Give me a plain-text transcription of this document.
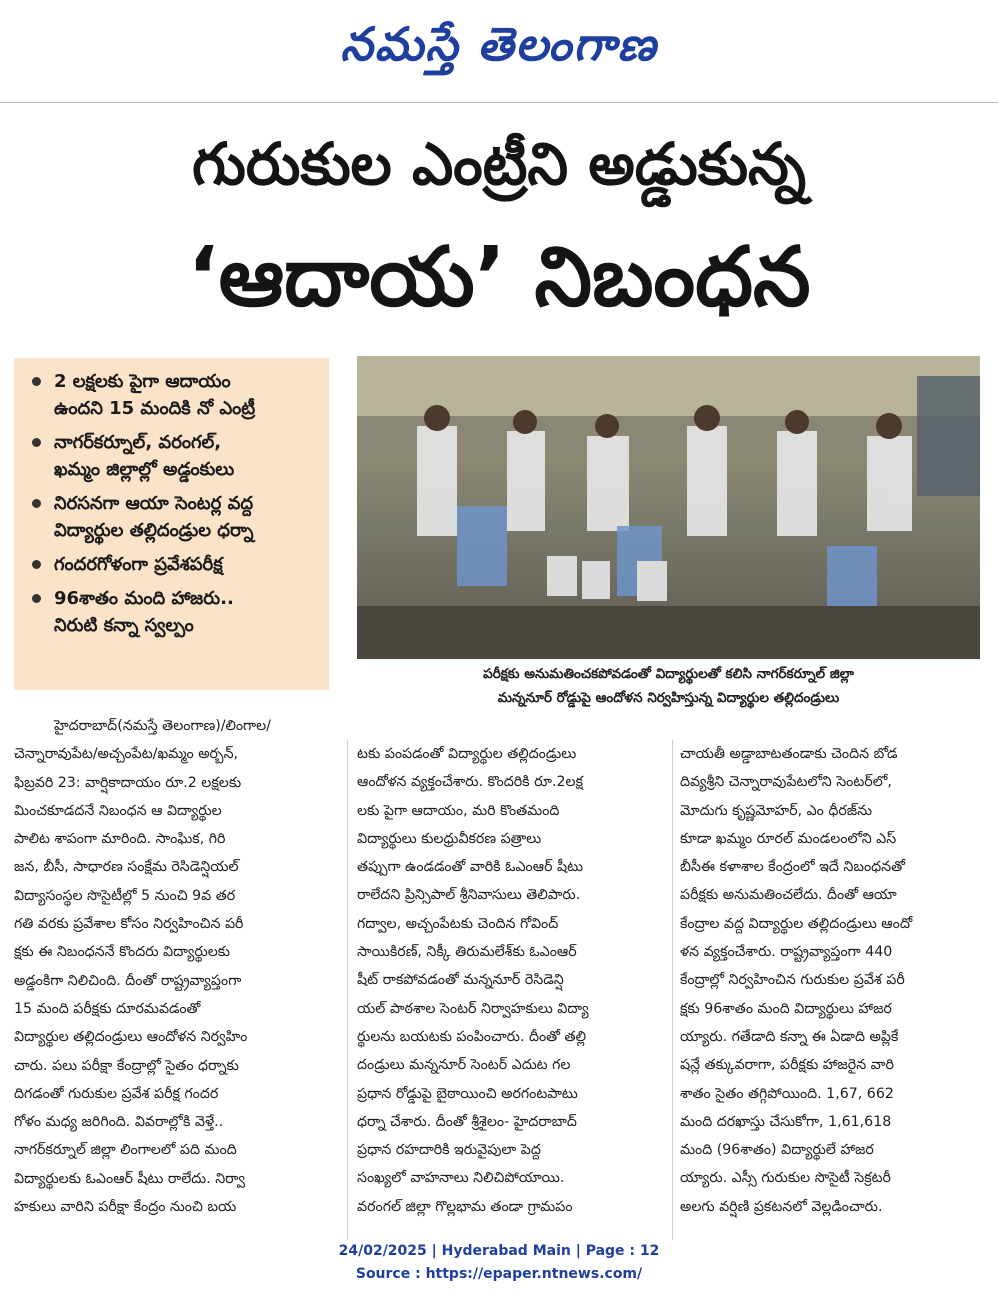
నమస్తే తెలంగాణ
గురుకుల ఎంట్రీని అడ్డుకున్న
‘ఆదాయ’ నిబంధన
2 లక్షలకు పైగా ఆదాయం
ఉందని 15 మందికి నో ఎంట్రీ
నాగర్‌కర్నూల్, వరంగల్,
ఖమ్మం జిల్లాల్లో అడ్డంకులు
నిరసనగా ఆయా సెంటర్ల వద్ద
విద్యార్థుల తల్లిదండ్రుల ధర్నా
గందరగోళంగా ప్రవేశపరీక్ష
96శాతం మంది హాజరు..
నిరుటి కన్నా స్వల్పం
పరీక్షకు అనుమతించకపోవడంతో విద్యార్థులతో కలిసి నాగర్‌కర్నూల్ జిల్లా
మన్ననూర్ రోడ్డుపై ఆందోళన నిర్వహిస్తున్న విద్యార్థుల తల్లిదండ్రులు

హైదరాబాద్(నమస్తే తెలంగాణ)/లింగాల/

చెన్నారావుపేట/అచ్చంపేట/ఖమ్మం అర్బన్,

ఫిబ్రవరి 23: వార్షికాదాయం రూ.2 లక్షలకు

మించకూడదనే నిబంధన ఆ విద్యార్థుల

పాలిట శాపంగా మారింది. సాంఘిక, గిరి

జన, బీసీ, సాధారణ సంక్షేమ రెసిడెన్షియల్

విద్యాసంస్థల సొసైటీల్లో 5 నుంచి 9వ తర

గతి వరకు ప్రవేశాల కోసం నిర్వహించిన పరీ

క్షకు ఈ నిబంధననే కొందరు విద్యార్థులకు

అడ్డంకిగా నిలిచింది. దీంతో రాష్ట్రవ్యాప్తంగా

15 మంది పరీక్షకు దూరమవడంతో

విద్యార్థుల తల్లిదండ్రులు ఆందోళన నిర్వహిం

చారు. పలు పరీక్షా కేంద్రాల్లో సైతం ధర్నాకు

దిగడంతో గురుకుల ప్రవేశ పరీక్ష గందర

గోళం మధ్య జరిగింది. వివరాల్లోకి వెళ్తే..

నాగర్‌కర్నూల్ జిల్లా లింగాలలో పది మంది

విద్యార్థులకు ఓఎంఆర్ షీటు రాలేదు. నిర్వా

హకులు వారిని పరీక్షా కేంద్రం నుంచి బయ

టకు పంపడంతో విద్యార్థుల తల్లిదండ్రులు

ఆందోళన వ్యక్తంచేశారు. కొందరికి రూ.2లక్ష

లకు పైగా ఆదాయం, మరి కొంతమంది

విద్యార్థులు కులధ్రువీకరణ పత్రాలు

తప్పుగా ఉండడంతో వారికి ఓఎంఆర్ షీటు

రాలేదని ప్రిన్సిపాల్ శ్రీనివాసులు తెలిపారు.

గద్వాల, అచ్చంపేటకు చెందిన గోవింద్

సాయికిరణ్, నిక్కీ తిరుమలేశ్‌కు ఓఎంఆర్

షీట్ రాకపోవడంతో మన్ననూర్ రెసిడెన్షి

యల్ పాఠశాల సెంటర్ నిర్వాహకులు విద్యా

ర్థులను బయటకు పంపించారు. దీంతో తల్లి

దండ్రులు మన్ననూర్ సెంటర్ ఎదుట గల

ప్రధాన రోడ్డుపై బైఠాయించి అరగంటపాటు

ధర్నా చేశారు. దీంతో శ్రీశైలం- హైదరాబాద్

ప్రధాన రహదారికి ఇరువైపులా పెద్ద

సంఖ్యలో వాహనాలు నిలిచిపోయాయి.

వరంగల్ జిల్లా గొల్లభామ తండా గ్రామపం

చాయతీ అడ్డాబాటతండాకు చెందిన బోడ

దివ్యశ్రీని చెన్నారావుపేటలోని సెంటర్‌లో,

మోదుగు కృష్ణమోహర్, ఎం ధీరజ్‌ను

కూడా ఖమ్మం రూరల్ మండలంలోని ఎస్

బీసీఈ కళాశాల కేంద్రంలో ఇదే నిబంధనతో

పరీక్షకు అనుమతించలేదు. దీంతో ఆయా

కేంద్రాల వద్ద విద్యార్థుల తల్లిదండ్రులు ఆందో

ళన వ్యక్తంచేశారు. రాష్ట్రవ్యాప్తంగా 440

కేంద్రాల్లో నిర్వహించిన గురుకుల ప్రవేశ పరీ

క్షకు 96శాతం మంది విద్యార్థులు హాజర

య్యారు. గతేడాది కన్నా ఈ ఏడాది అప్లికే

షన్లే తక్కువరాగా, పరీక్షకు హాజరైన వారి

శాతం సైతం తగ్గిపోయింది. 1,67, 662

మంది దరఖాస్తు చేసుకోగా, 1,61,618

మంది (96శాతం) విద్యార్థులే హాజర

య్యారు. ఎస్సీ గురుకుల సొసైటీ సెక్రటరీ

అలగు వర్షిణి ప్రకటనలో వెల్లడించారు.

24/02/2025 | Hyderabad Main | Page : 12
Source : https://epaper.ntnews.com/
